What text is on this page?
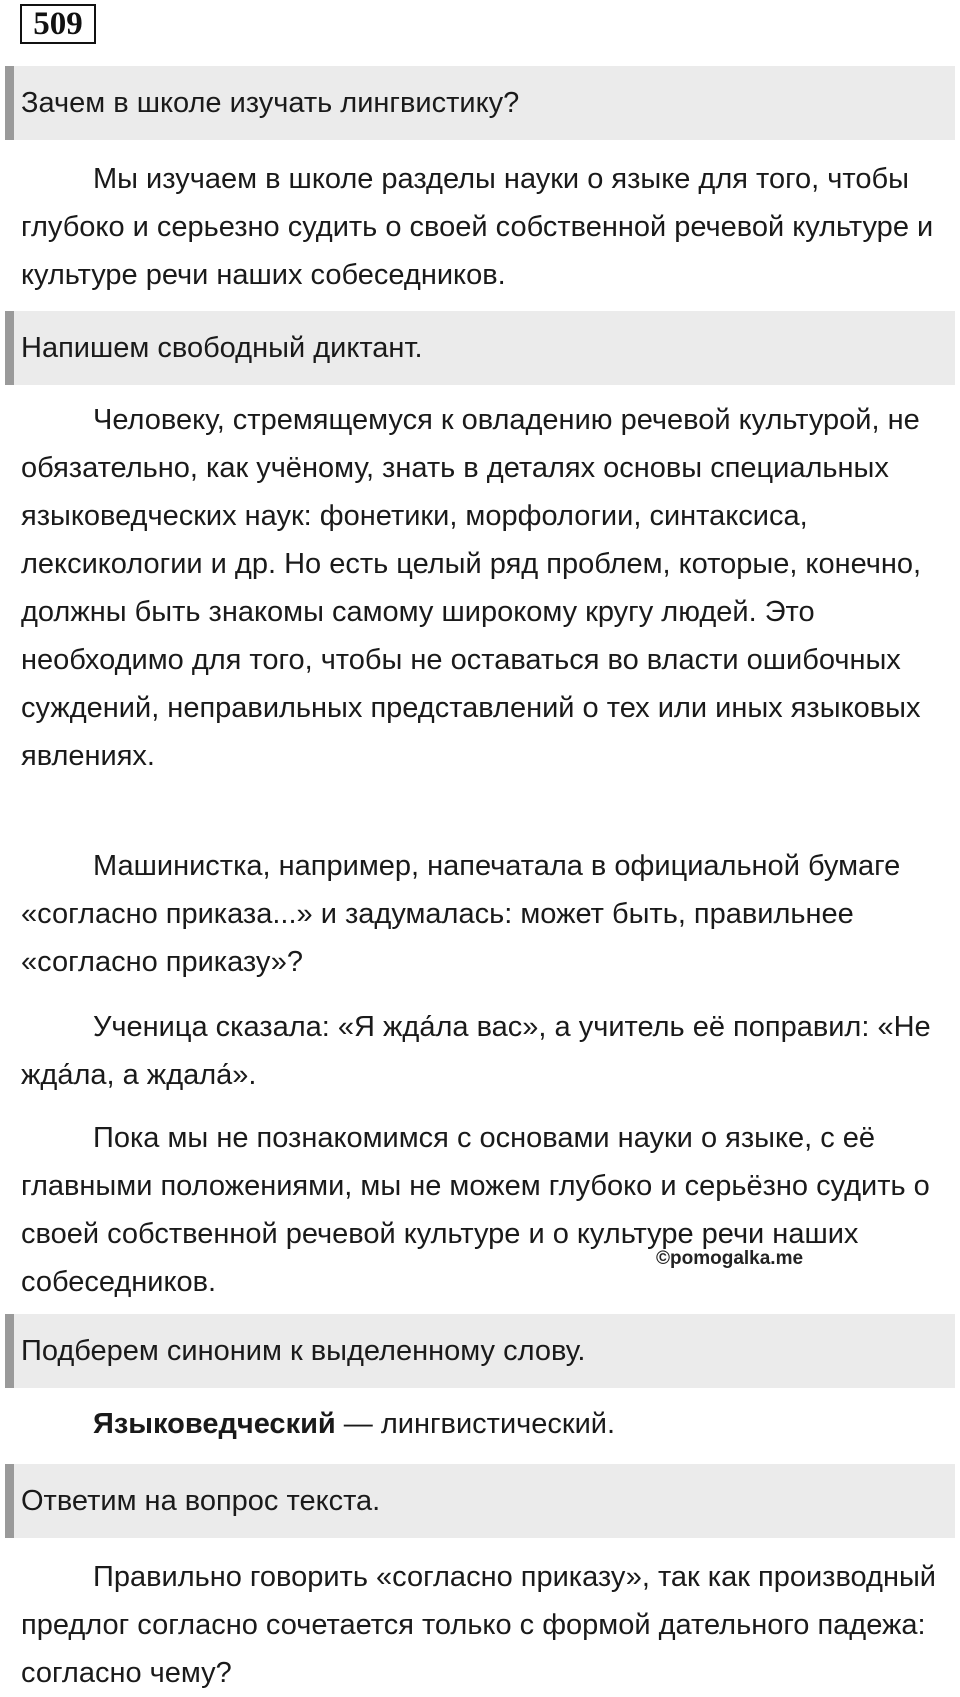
509
Зачем в школе изучать лингвистику?

Мы изучаем в школе разделы науки о языке для того, чтобы глубоко и серьезно судить о своей собственной речевой культуре и культуре речи наших собеседников.

Напишем свободный диктант.

Человеку, стремящемуся к овладению речевой культурой, не обязательно, как учёному, знать в деталях основы специальных языковедческих наук: фонетики, морфологии, синтаксиса, лексикологии и др. Но есть целый ряд проблем, которые, конечно, должны быть знакомы самому широкому кругу людей. Это необходимо для того, чтобы не оставаться во власти ошибочных суждений, неправильных представлений о тех или иных языковых явлениях.

Машинистка, например, напечатала в официальной бумаге «согласно приказа...» и задумалась: может быть, правильнее «согласно приказу»?

Ученица сказала: «Я жда́ла вас», а учитель её поправил: «Не жда́ла, а ждала́».

Пока мы не познакомимся с основами науки о языке, с её главными положениями, мы не можем глубоко и серьёзно судить о своей собственной речевой культуре и о культуре речи наших собеседников.

©pomogalka.me
Подберем синоним к выделенному слову.

Языковедческий — лингвистический.

Ответим на вопрос текста.

Правильно говорить «согласно приказу», так как производный предлог согласно сочетается только с формой дательного падежа: согласно чему?
